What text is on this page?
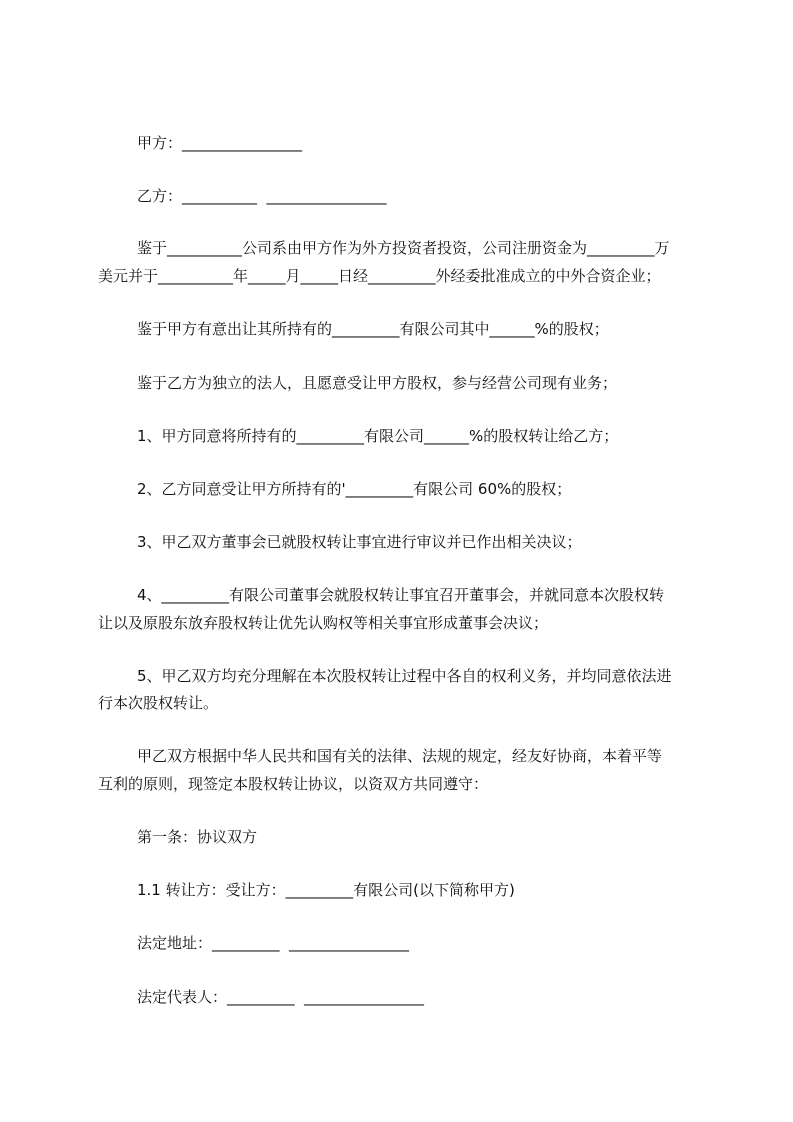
甲方：________________
乙方：__________  ________________
鉴于__________公司系由甲方作为外方投资者投资，公司注册资金为_________万
美元并于__________年_____月_____日经_________外经委批准成立的中外合资企业；
鉴于甲方有意出让其所持有的_________有限公司其中______%的股权；
鉴于乙方为独立的法人，且愿意受让甲方股权，参与经营公司现有业务；
1、甲方同意将所持有的_________有限公司______%的股权转让给乙方；
2、乙方同意受让甲方所持有的'_________有限公司 60%的股权；
3、甲乙双方董事会已就股权转让事宜进行审议并已作出相关决议；
4、_________有限公司董事会就股权转让事宜召开董事会，并就同意本次股权转
让以及原股东放弃股权转让优先认购权等相关事宜形成董事会决议；
5、甲乙双方均充分理解在本次股权转让过程中各自的权利义务，并均同意依法进
行本次股权转让。
甲乙双方根据中华人民共和国有关的法律、法规的规定，经友好协商，本着平等
互利的原则，现签定本股权转让协议，以资双方共同遵守：
第一条：协议双方
1.1 转让方：受让方：_________有限公司(以下简称甲方)
法定地址：_________  ________________
法定代表人：_________  ________________
